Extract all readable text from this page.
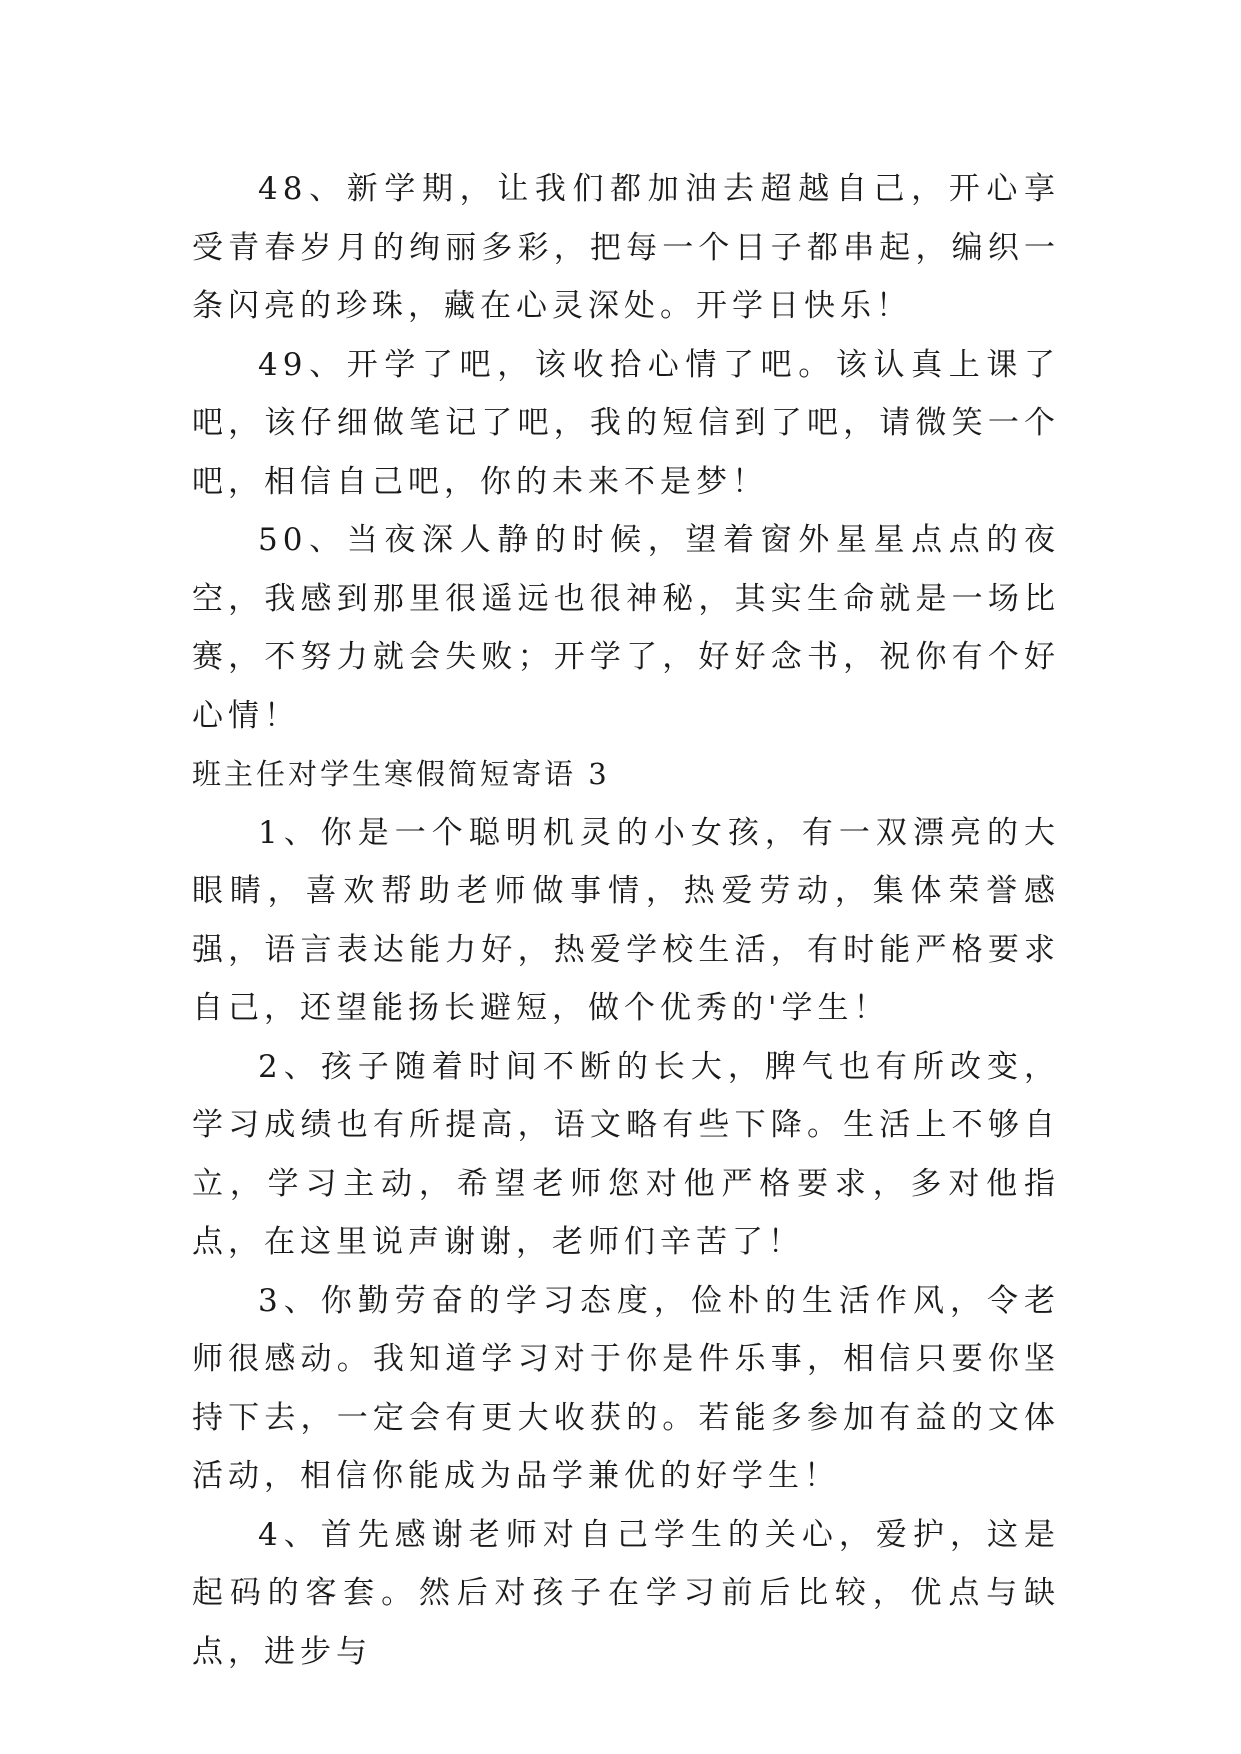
48、新学期，让我们都加油去超越自己，开心享受青春岁月的绚丽多彩，把每一个日子都串起，编织一条闪亮的珍珠，藏在心灵深处。开学日快乐！

49、开学了吧，该收拾心情了吧。该认真上课了吧，该仔细做笔记了吧，我的短信到了吧，请微笑一个吧，相信自己吧，你的未来不是梦！

50、当夜深人静的时候，望着窗外星星点点的夜空，我感到那里很遥远也很神秘，其实生命就是一场比赛，不努力就会失败；开学了，好好念书，祝你有个好心情！

班主任对学生寒假简短寄语 3

1、你是一个聪明机灵的小女孩，有一双漂亮的大眼睛，喜欢帮助老师做事情，热爱劳动，集体荣誉感强，语言表达能力好，热爱学校生活，有时能严格要求自己，还望能扬长避短，做个优秀的'学生！

2、孩子随着时间不断的长大，脾气也有所改变，学习成绩也有所提高，语文略有些下降。生活上不够自立，学习主动，希望老师您对他严格要求，多对他指点，在这里说声谢谢，老师们辛苦了！

3、你勤劳奋的学习态度，俭朴的生活作风，令老师很感动。我知道学习对于你是件乐事，相信只要你坚持下去，一定会有更大收获的。若能多参加有益的文体活动，相信你能成为品学兼优的好学生！

4、首先感谢老师对自己学生的关心，爱护，这是起码的客套。然后对孩子在学习前后比较，优点与缺点，进步与
